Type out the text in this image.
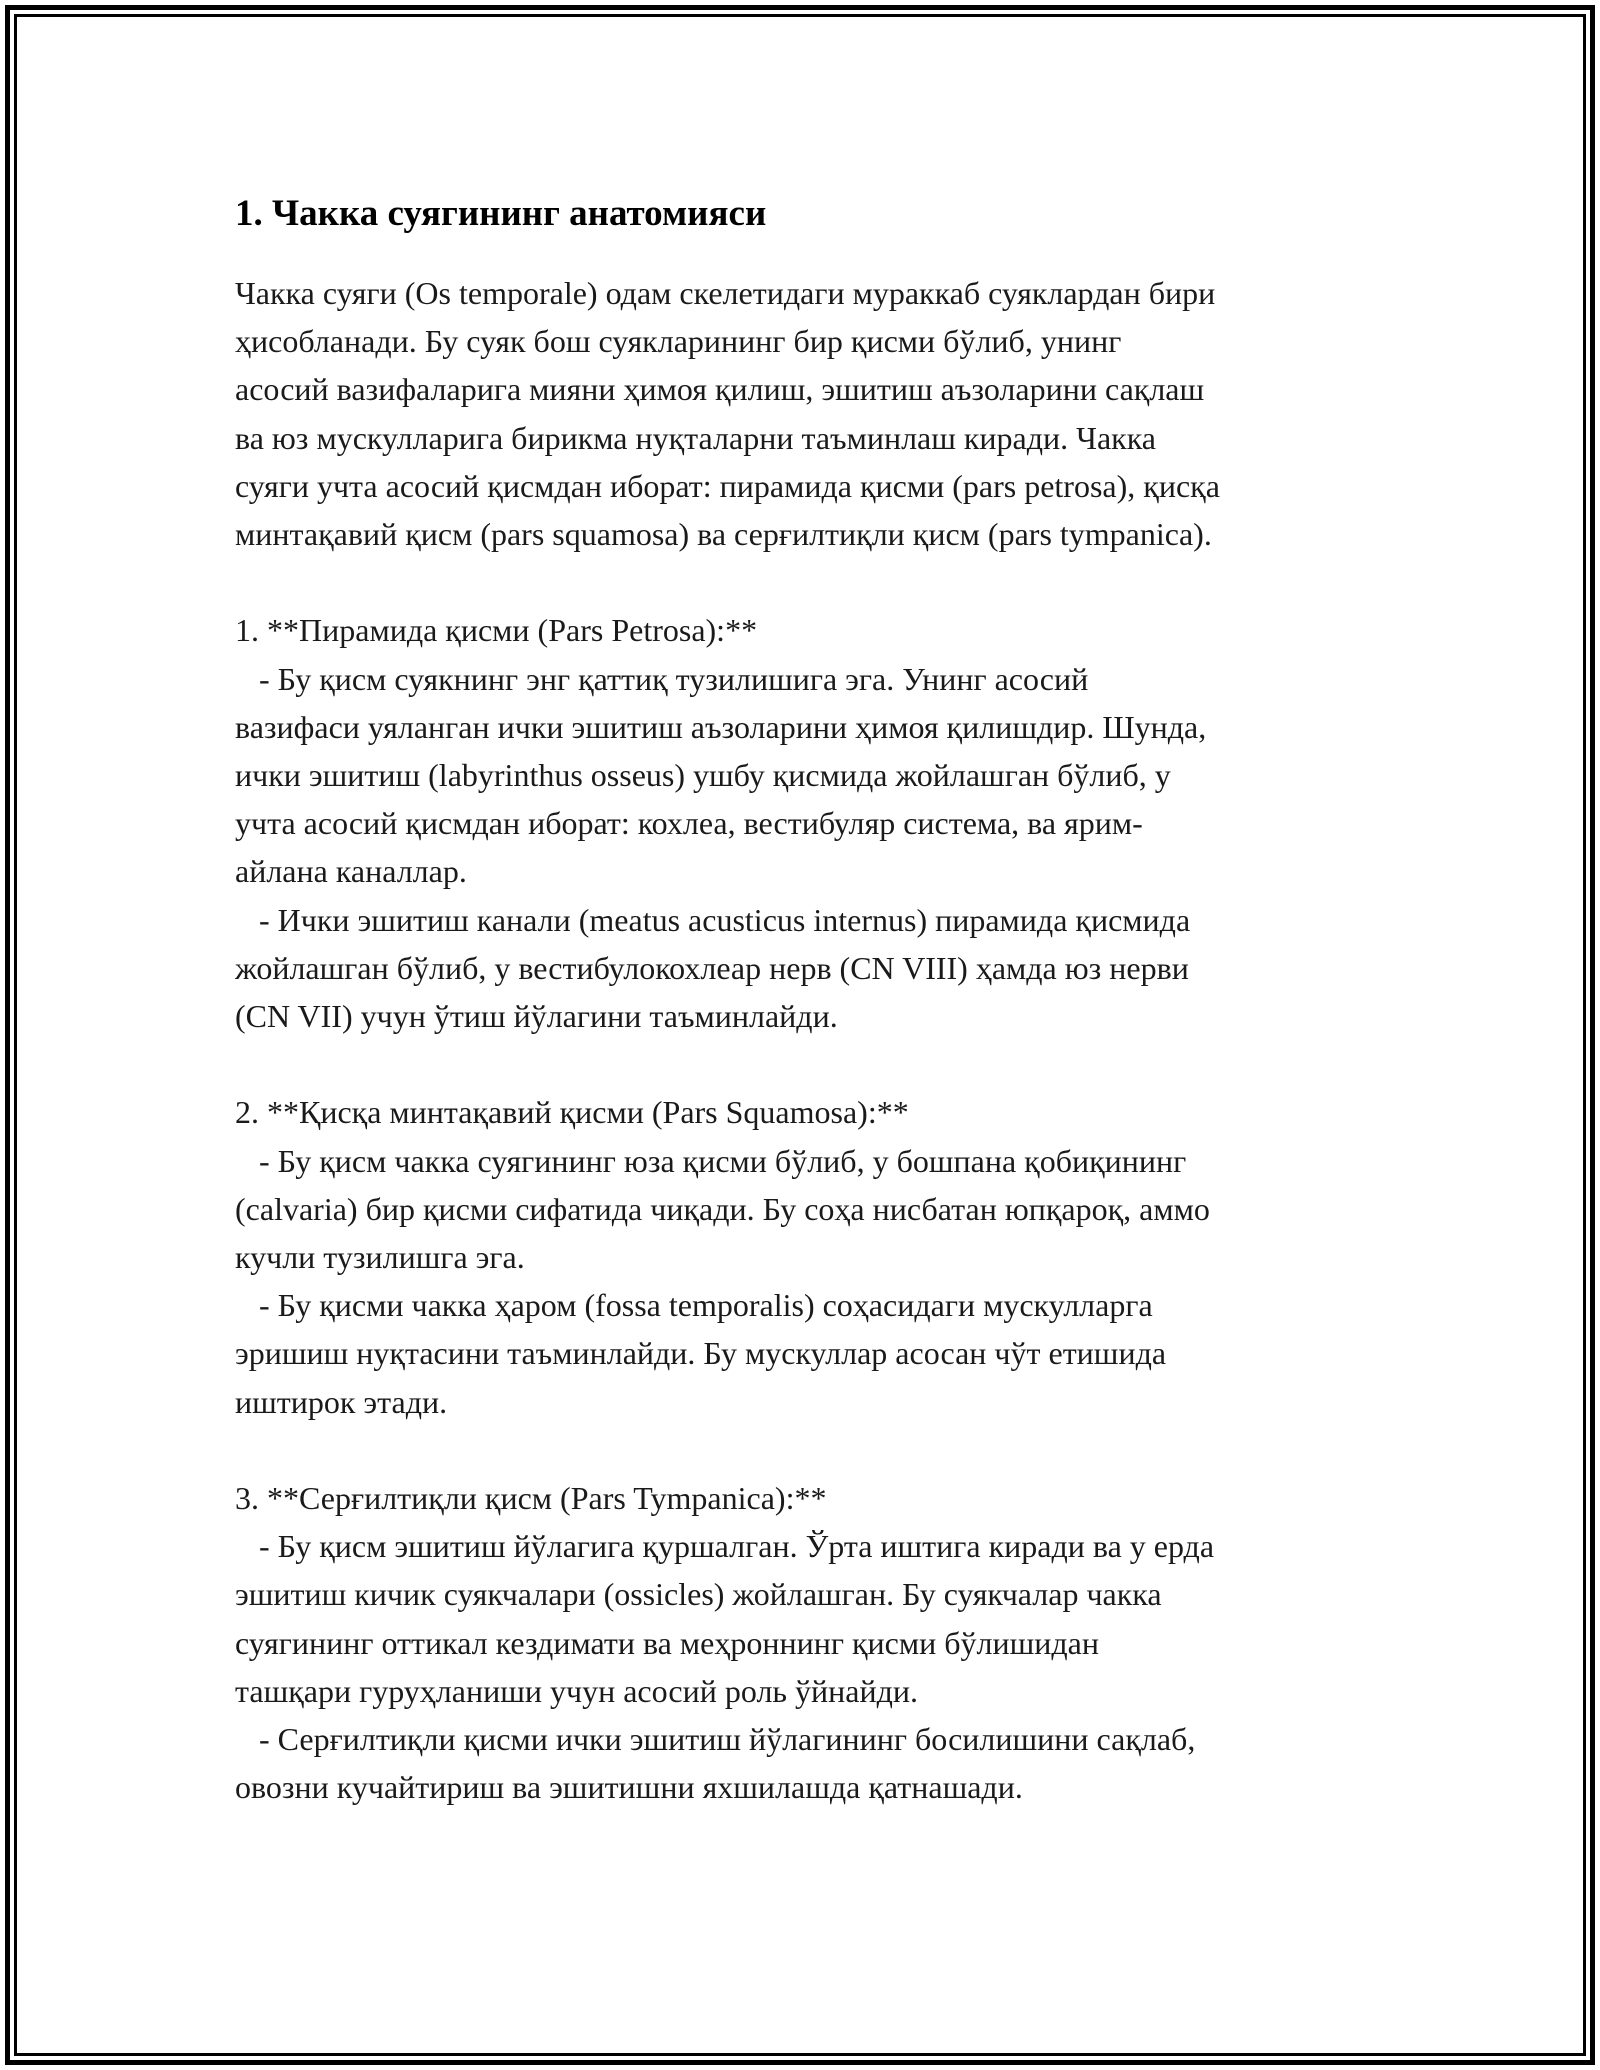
1. Чакка суягининг анатомияси

Чакка суяги (Os temporale) одам скелетидаги мураккаб суяклардан бири
ҳисобланади. Бу суяк бош суякларининг бир қисми бўлиб, унинг
асосий вазифаларига мияни ҳимоя қилиш, эшитиш аъзоларини сақлаш
ва юз мускулларига бирикма нуқталарни таъминлаш киради. Чакка
суяги учта асосий қисмдан иборат: пирамида қисми (pars petrosa), қисқа
минтақавий қисм (pars squamosa) ва серғилтиқли қисм (pars tympanica).

1. **Пирамида қисми (Pars Petrosa):**
- Бу қисм суякнинг энг қаттиқ тузилишига эга. Унинг асосий
вазифаси уяланган ички эшитиш аъзоларини ҳимоя қилишдир. Шунда,
ички эшитиш (labyrinthus osseus) ушбу қисмида жойлашган бўлиб, у
учта асосий қисмдан иборат: кохлеа, вестибуляр система, ва ярим-
айлана каналлар.
- Ички эшитиш канали (meatus acusticus internus) пирамида қисмида
жойлашган бўлиб, у вестибулокохлеар нерв (CN VIII) ҳамда юз нерви
(CN VII) учун ўтиш йўлагини таъминлайди.

2. **Қисқа минтақавий қисми (Pars Squamosa):**
- Бу қисм чакка суягининг юза қисми бўлиб, у бошпана қобиқининг
(calvaria) бир қисми сифатида чиқади. Бу соҳа нисбатан юпқароқ, аммо
кучли тузилишга эга.
- Бу қисми чакка ҳаром (fossa temporalis) соҳасидаги мускулларга
эришиш нуқтасини таъминлайди. Бу мускуллар асосан чўт етишида
иштирок этади.

3. **Серғилтиқли қисм (Pars Tympanica):**
- Бу қисм эшитиш йўлагига қуршалган. Ўрта иштига киради ва у ерда
эшитиш кичик суякчалари (ossicles) жойлашган. Бу суякчалар чакка
суягининг оттикал кездимати ва меҳроннинг қисми бўлишидан
ташқари гуруҳланиши учун асосий роль ўйнайди.
- Серғилтиқли қисми ички эшитиш йўлагининг босилишини сақлаб,
овозни кучайтириш ва эшитишни яхшилашда қатнашади.
